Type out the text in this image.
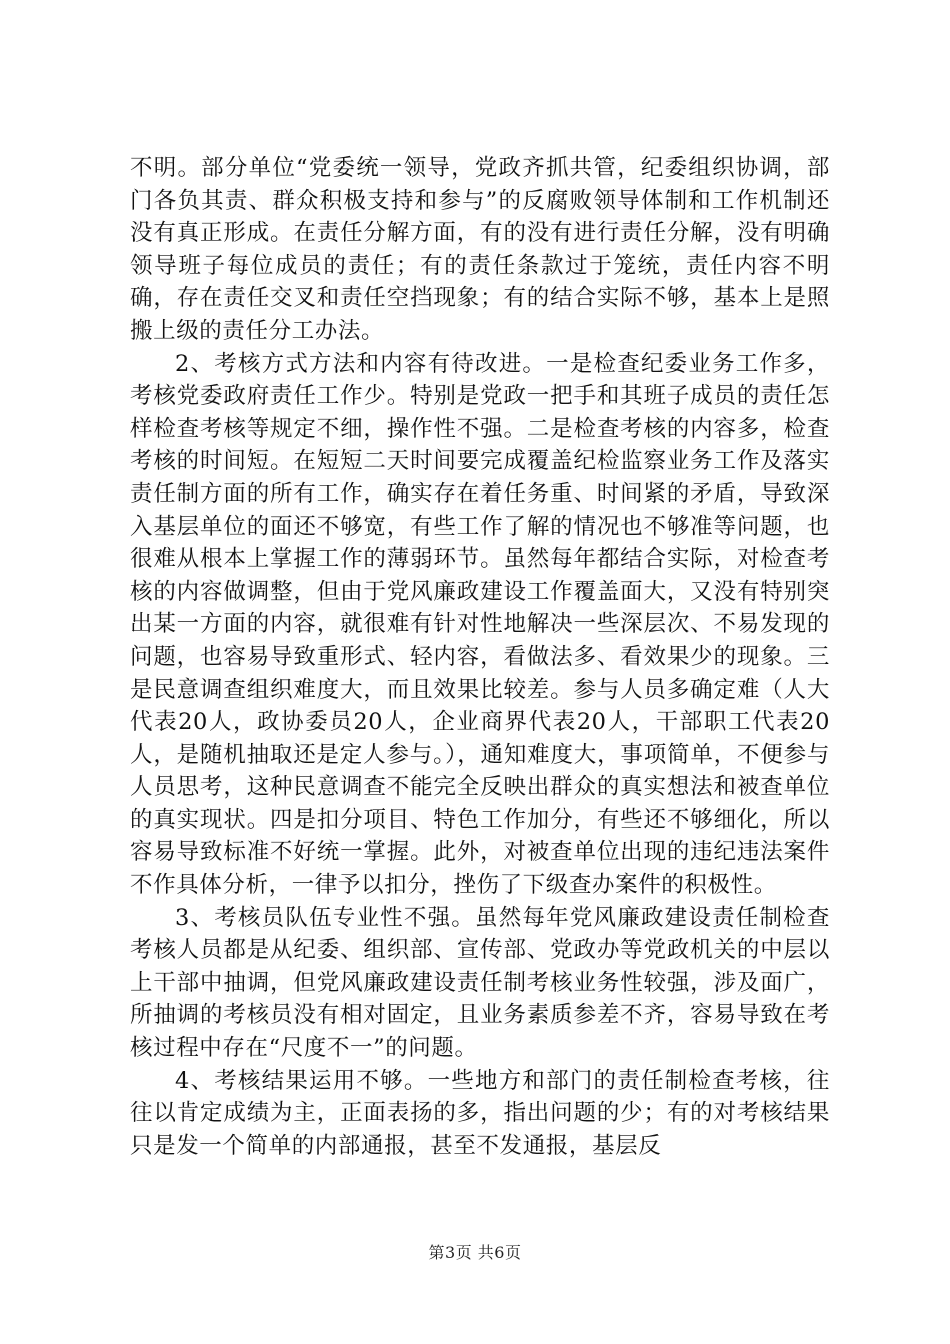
不明。部分单位“党委统一领导，党政齐抓共管，纪委组织协调，部门各负其责、群众积极支持和参与”的反腐败领导体制和工作机制还没有真正形成。在责任分解方面，有的没有进行责任分解，没有明确领导班子每位成员的责任；有的责任条款过于笼统，责任内容不明确，存在责任交叉和责任空挡现象；有的结合实际不够，基本上是照搬上级的责任分工办法。

2、考核方式方法和内容有待改进。一是检查纪委业务工作多，考核党委政府责任工作少。特别是党政一把手和其班子成员的责任怎样检查考核等规定不细，操作性不强。二是检查考核的内容多，检查考核的时间短。在短短二天时间要完成覆盖纪检监察业务工作及落实责任制方面的所有工作，确实存在着任务重、时间紧的矛盾，导致深入基层单位的面还不够宽，有些工作了解的情况也不够准等问题，也很难从根本上掌握工作的薄弱环节。虽然每年都结合实际，对检查考核的内容做调整，但由于党风廉政建设工作覆盖面大，又没有特别突出某一方面的内容，就很难有针对性地解决一些深层次、不易发现的问题，也容易导致重形式、轻内容，看做法多、看效果少的现象。三是民意调查组织难度大，而且效果比较差。参与人员多确定难（人大代表20人，政协委员20人，企业商界代表20人，干部职工代表20人，是随机抽取还是定人参与。），通知难度大，事项简单，不便参与人员思考，这种民意调查不能完全反映出群众的真实想法和被查单位的真实现状。四是扣分项目、特色工作加分，有些还不够细化，所以容易导致标准不好统一掌握。此外，对被查单位出现的违纪违法案件不作具体分析，一律予以扣分，挫伤了下级查办案件的积极性。

3、考核员队伍专业性不强。虽然每年党风廉政建设责任制检查考核人员都是从纪委、组织部、宣传部、党政办等党政机关的中层以上干部中抽调，但党风廉政建设责任制考核业务性较强，涉及面广，所抽调的考核员没有相对固定，且业务素质参差不齐，容易导致在考核过程中存在“尺度不一”的问题。

4、考核结果运用不够。一些地方和部门的责任制检查考核，往往以肯定成绩为主，正面表扬的多，指出问题的少；有的对考核结果只是发一个简单的内部通报，甚至不发通报，基层反

第3页 共6页
